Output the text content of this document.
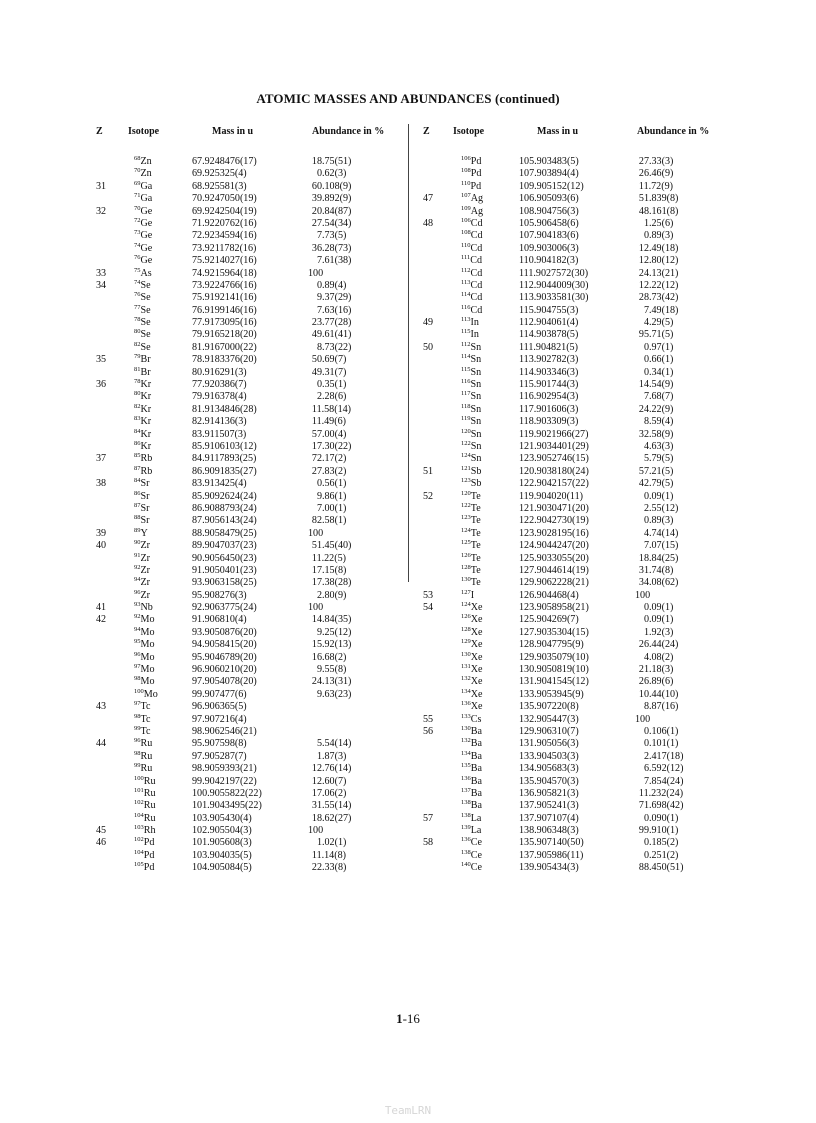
ATOMIC MASSES AND ABUNDANCES (continued)
Z	Isotope	Mass in u	Abundance in %	Z Isotope	Mass in u	Abundance in %
$^{68}$Zn	67.9248476(17)	18.75(51)
$^{70}$Zn	69.925325(4)	0.62(3)
31	$^{69}$Ga	68.925581(3)	60.108(9)
$^{71}$Ga	70.9247050(19)	39.892(9)
32	$^{70}$Ge	69.9242504(19)	20.84(87)
$^{72}$Ge	71.9220762(16)	27.54(34)
$^{73}$Ge	72.9234594(16)	7.73(5)
$^{74}$Ge	73.9211782(16)	36.28(73)
$^{76}$Ge	75.9214027(16)	7.61(38)
33	$^{75}$As	74.9215964(18)	100
34	$^{74}$Se	73.9224766(16)	0.89(4)
$^{76}$Se	75.9192141(16)	9.37(29)
$^{77}$Se	76.9199146(16)	7.63(16)
$^{78}$Se	77.9173095(16)	23.77(28)
$^{80}$Se	79.9165218(20)	49.61(41)
$^{82}$Se	81.9167000(22)	8.73(22)
35	$^{79}$Br	78.9183376(20)	50.69(7)
$^{81}$Br	80.916291(3)	49.31(7)
36	$^{78}$Kr	77.920386(7)	0.35(1)
$^{80}$Kr	79.916378(4)	2.28(6)
$^{82}$Kr	81.9134846(28)	11.58(14)
$^{83}$Kr	82.914136(3)	11.49(6)
$^{84}$Kr	83.911507(3)	57.00(4)
$^{86}$Kr	85.9106103(12)	17.30(22)
37	$^{85}$Rb	84.9117893(25)	72.17(2)
$^{87}$Rb	86.9091835(27)	27.83(2)
38	$^{84}$Sr	83.913425(4)	0.56(1)
$^{86}$Sr	85.9092624(24)	9.86(1)
$^{87}$Sr	86.9088793(24)	7.00(1)
$^{88}$Sr	87.9056143(24)	82.58(1)
39	$^{89}$Y	88.9058479(25)	100
40	$^{90}$Zr	89.9047037(23)	51.45(40)
$^{91}$Zr	90.9056450(23)	11.22(5)
$^{92}$Zr	91.9050401(23)	17.15(8)
$^{94}$Zr	93.9063158(25)	17.38(28)
$^{96}$Zr	95.908276(3)	2.80(9)
41	$^{93}$Nb	92.9063775(24)	100
42	$^{92}$Mo	91.906810(4)	14.84(35)
$^{94}$Mo	93.9050876(20)	9.25(12)
$^{95}$Mo	94.9058415(20)	15.92(13)
$^{96}$Mo	95.9046789(20)	16.68(2)
$^{97}$Mo	96.9060210(20)	9.55(8)
$^{98}$Mo	97.9054078(20)	24.13(31)
$^{100}$Mo	99.907477(6)	9.63(23)
43	$^{97}$Tc	96.906365(5)
$^{98}$Tc	97.907216(4)
$^{99}$Tc	98.9062546(21)
44	$^{96}$Ru	95.907598(8)	5.54(14)
$^{98}$Ru	97.905287(7)	1.87(3)
$^{99}$Ru	98.9059393(21)	12.76(14)
$^{100}$Ru	99.9042197(22)	12.60(7)
$^{101}$Ru	100.9055822(22)	17.06(2)
$^{102}$Ru	101.9043495(22)	31.55(14)
$^{104}$Ru	103.905430(4)	18.62(27)
45	$^{103}$Rh	102.905504(3)	100
46	$^{102}$Pd	101.905608(3)	1.02(1)
$^{104}$Pd	103.904035(5)	11.14(8)
$^{105}$Pd	104.905084(5)	22.33(8)
$^{106}$Pd	105.903483(5)	27.33(3)
$^{108}$Pd	107.903894(4)	26.46(9)
$^{110}$Pd	109.905152(12)	11.72(9)
47	$^{107}$Ag	106.905093(6)	51.839(8)
$^{109}$Ag	108.904756(3)	48.161(8)
48	$^{106}$Cd	105.906458(6)	1.25(6)
$^{108}$Cd	107.904183(6)	0.89(3)
$^{110}$Cd	109.903006(3)	12.49(18)
$^{111}$Cd	110.904182(3)	12.80(12)
$^{112}$Cd	111.9027572(30)	24.13(21)
$^{113}$Cd	112.9044009(30)	12.22(12)
$^{114}$Cd	113.9033581(30)	28.73(42)
$^{116}$Cd	115.904755(3)	7.49(18)
49	$^{113}$In	112.904061(4)	4.29(5)
$^{115}$In	114.903878(5)	95.71(5)
50	$^{112}$Sn	111.904821(5)	0.97(1)
$^{114}$Sn	113.902782(3)	0.66(1)
$^{115}$Sn	114.903346(3)	0.34(1)
$^{116}$Sn	115.901744(3)	14.54(9)
$^{117}$Sn	116.902954(3)	7.68(7)
$^{118}$Sn	117.901606(3)	24.22(9)
$^{119}$Sn	118.903309(3)	8.59(4)
$^{120}$Sn	119.9021966(27)	32.58(9)
$^{122}$Sn	121.9034401(29)	4.63(3)
$^{124}$Sn	123.9052746(15)	5.79(5)
51	$^{121}$Sb	120.9038180(24)	57.21(5)
$^{123}$Sb	122.9042157(22)	42.79(5)
52	$^{120}$Te	119.904020(11)	0.09(1)
$^{122}$Te	121.9030471(20)	2.55(12)
$^{123}$Te	122.9042730(19)	0.89(3)
$^{124}$Te	123.9028195(16)	4.74(14)
$^{125}$Te	124.9044247(20)	7.07(15)
$^{126}$Te	125.9033055(20)	18.84(25)
$^{128}$Te	127.9044614(19)	31.74(8)
$^{130}$Te	129.9062228(21)	34.08(62)
53	$^{127}$I	126.904468(4)	100
54	$^{124}$Xe	123.9058958(21)	0.09(1)
$^{126}$Xe	125.904269(7)	0.09(1)
$^{128}$Xe	127.9035304(15)	1.92(3)
$^{129}$Xe	128.9047795(9)	26.44(24)
$^{130}$Xe	129.9035079(10)	4.08(2)
$^{131}$Xe	130.9050819(10)	21.18(3)
$^{132}$Xe	131.9041545(12)	26.89(6)
$^{134}$Xe	133.9053945(9)	10.44(10)
$^{136}$Xe	135.907220(8)	8.87(16)
55	$^{133}$Cs	132.905447(3)	100
56	$^{130}$Ba	129.906310(7)	0.106(1)
$^{132}$Ba	131.905056(3)	0.101(1)
$^{134}$Ba	133.904503(3)	2.417(18)
$^{135}$Ba	134.905683(3)	6.592(12)
$^{136}$Ba	135.904570(3)	7.854(24)
$^{137}$Ba	136.905821(3)	11.232(24)
$^{138}$Ba	137.905241(3)	71.698(42)
57	$^{138}$La	137.907107(4)	0.090(1)
$^{139}$La	138.906348(3)	99.910(1)
58	$^{136}$Ce	135.907140(50)	0.185(2)
$^{138}$Ce	137.905986(11)	0.251(2)
$^{140}$Ce	139.905434(3)	88.450(51)
1-16
TeamLRN
